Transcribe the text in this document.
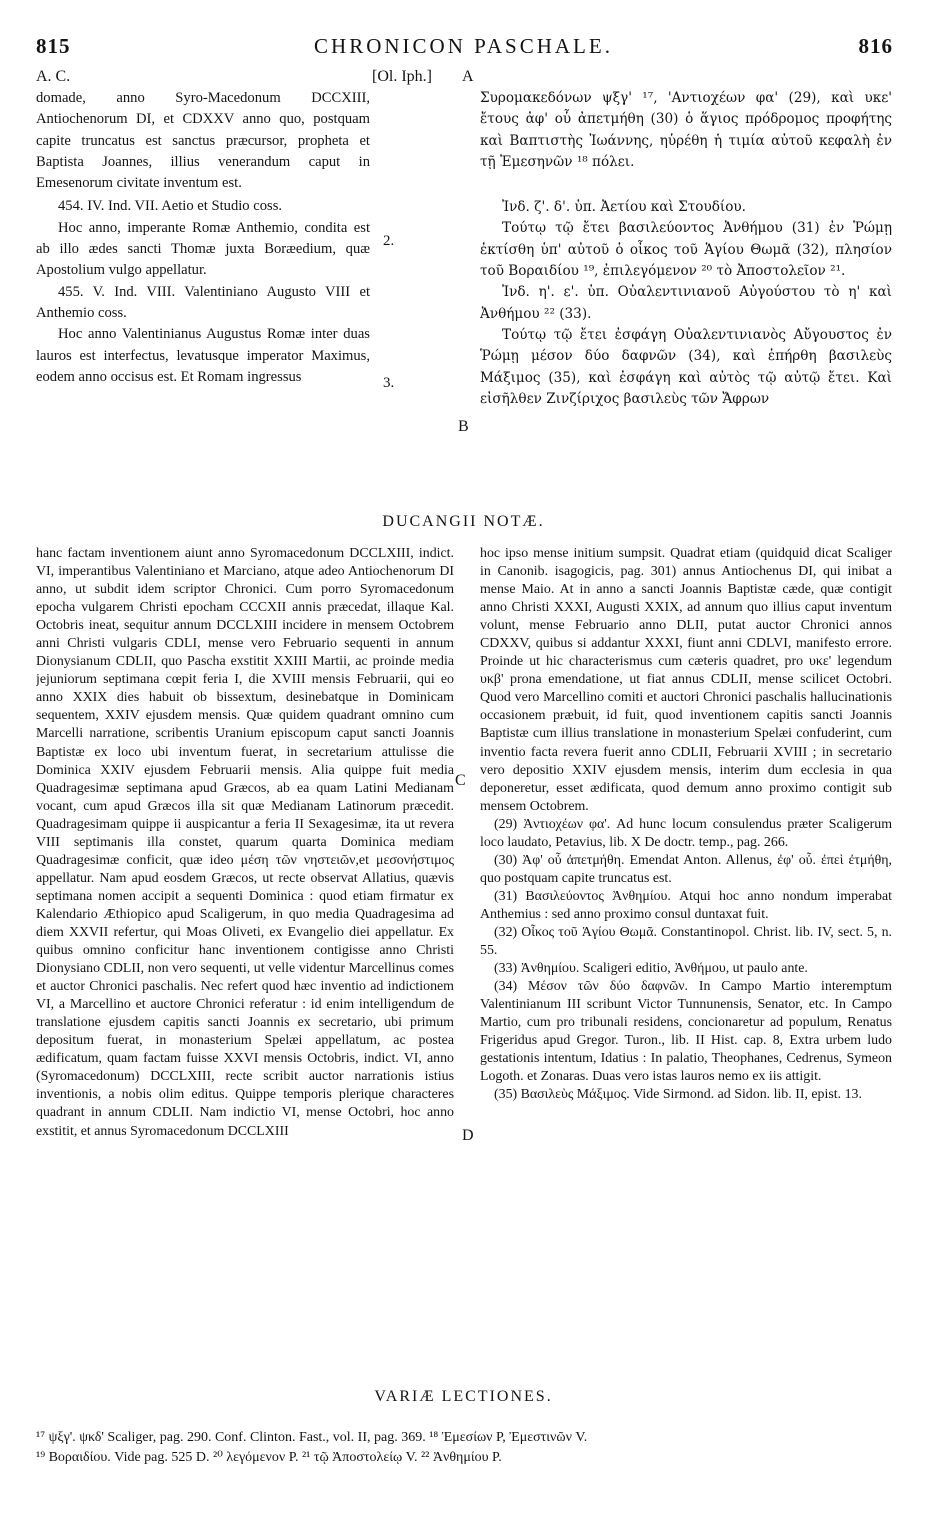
815	CHRONICON PASCHALE.	816
A. C.	[Ol. Iph.] A

domade, anno Syro-Macedonum DCCXIII, Antiochenorum DI, et CDXXV anno quo, postquam capite truncatus est sanctus præcursor, propheta et Baptista Joannes, illius venerandum caput in Emesenorum civitate inventum est.

454. IV. Ind. VII. Aetio et Studio coss.

Hoc anno, imperante Romæ Anthemio, condita est ab illo ædes sancti Thomæ juxta Boræedium, quæ Apostolium vulgo appellatur.

455. V. Ind. VIII. Valentiniano Augusto VIII et Anthemio coss.

Hoc anno Valentinianus Augustus Romæ inter duas lauros est interfectus, levatusque imperator Maximus, eodem anno occisus est. Et Romam ingressus

2.
3.
B

Συρομακεδόνων ψξγ' ¹⁷, 'Αντιοχέων φα' (29), καὶ υκε' ἔτους ἀφ' οὗ ἀπετμήθη (30) ὁ ἅγιος πρόδρομος προφήτης καὶ Βαπτιστὴς Ἰωάννης, ηὑρέθη ἡ τιμία αὐτοῦ κεφαλὴ ἐν τῇ Ἐμεσηνῶν ¹⁸ πόλει.

Ἰνδ. ζ'. δ'. ὑπ. Ἀετίου καὶ Στουδίου.

Τούτῳ τῷ ἔτει βασιλεύοντος Ἀνθήμου (31) ἐν Ῥώμῃ ἐκτίσθη ὑπ' αὐτοῦ ὁ οἶκος τοῦ Ἁγίου Θωμᾶ (32), πλησίον τοῦ Βοραιδίου ¹⁹, ἐπιλεγόμενον ²⁰ τὸ Ἀποστολεῖον ²¹.

Ἰνδ. η'. ε'. ὑπ. Οὐαλεντινιανοῦ Αὐγούστου τὸ η' καὶ Ἀνθήμου ²² (33).

Τούτῳ τῷ ἔτει ἐσφάγη Οὐαλεντινιανὸς Αὔγουστος ἐν Ῥώμῃ μέσον δύο δαφνῶν (34), καὶ ἐπήρθη βασιλεὺς Μάξιμος (35), καὶ ἐσφάγη καὶ αὐτὸς τῷ αὐτῷ ἔτει. Καὶ εἰσῆλθεν Ζινζίριχος βασιλεὺς τῶν Ἄφρων

DUCANGII NOTÆ.

hanc factam inventionem aiunt anno Syromacedonum DCCLXIII, indict. VI, imperantibus Valentiniano et Marciano, atque adeo Antiochenorum DI anno, ut subdit idem scriptor Chronici. Cum porro Syromacedonum epocha vulgarem Christi epocham CCCXII annis præcedat, illaque Kal. Octobris ineat, sequitur annum DCCLXIII incidere in mensem Octobrem anni Christi vulgaris CDLI, mense vero Februario sequenti in annum Dionysianum CDLII, quo Pascha exstitit XXIII Martii, ac proinde media jejuniorum septimana cœpit feria I, die XVIII mensis Februarii, qui eo anno XXIX dies habuit ob bissextum, desinebatque in Dominicam sequentem, XXIV ejusdem mensis. Quæ quidem quadrant omnino cum Marcelli narratione, scribentis Uranium episcopum caput sancti Joannis Baptistæ ex loco ubi inventum fuerat, in secretarium attulisse die Dominica XXIV ejusdem Februarii mensis. Alia quippe fuit media Quadragesimæ septimana apud Græcos, ab ea quam Latini Medianam vocant, cum apud Græcos illa sit quæ Medianam Latinorum præcedit. Quadragesimam quippe ii auspicantur a feria II Sexagesimæ, ita ut revera VIII septimanis illa constet, quarum quarta Dominica mediam Quadragesimæ conficit, quæ ideo μέση τῶν νηστειῶν,et μεσονήστιμος appellatur. Nam apud eosdem Græcos, ut recte observat Allatius, quævis septimana nomen accipit a sequenti Dominica : quod etiam firmatur ex Kalendario Æthiopico apud Scaligerum, in quo media Quadragesima ad diem XXVII refertur, qui Moas Oliveti, ex Evangelio diei appellatur. Ex quibus omnino conficitur hanc inventionem contigisse anno Christi Dionysiano CDLII, non vero sequenti, ut velle videntur Marcellinus comes et auctor Chronici paschalis. Nec refert quod hæc inventio ad indictionem VI, a Marcellino et auctore Chronici referatur : id enim intelligendum de translatione ejusdem capitis sancti Joannis ex secretario, ubi primum depositum fuerat, in monasterium Spelæi appellatum, ac postea ædificatum, quam factam fuisse XXVI mensis Octobris, indict. VI, anno (Syromacedonum) DCCLXIII, recte scribit auctor narrationis istius inventionis, a nobis olim editus. Quippe temporis plerique characteres quadrant in annum CDLII. Nam indictio VI, mense Octobri, hoc anno exstitit, et annus Syromacedonum DCCLXIII

C
D

hoc ipso mense initium sumpsit. Quadrat etiam (quidquid dicat Scaliger in Canonib. isagogicis, pag. 301) annus Antiochenus DI, qui inibat a mense Maio. At in anno a sancti Joannis Baptistæ cæde, quæ contigit anno Christi XXXI, Augusti XXIX, ad annum quo illius caput inventum volunt, mense Februario anno DLII, putat auctor Chronici annos CDXXV, quibus si addantur XXXI, fiunt anni CDLVI, manifesto errore. Proinde ut hic characterismus cum cæteris quadret, pro υκε' legendum υκβ' prona emendatione, ut fiat annus CDLII, mense scilicet Octobri. Quod vero Marcellino comiti et auctori Chronici paschalis hallucinationis occasionem præbuit, id fuit, quod inventionem capitis sancti Joannis Baptistæ cum illius translatione in monasterium Spelæi confuderint, cum inventio facta revera fuerit anno CDLII, Februarii XVIII ; in secretario vero depositio XXIV ejusdem mensis, interim dum ecclesia in qua deponeretur, esset ædificata, quod demum anno proximo contigit sub mensem Octobrem.

(29) Ἀντιοχέων φα'. Ad hunc locum consulendus præter Scaligerum loco laudato, Petavius, lib. X De doctr. temp., pag. 266.

(30) Ἀφ' οὗ ἀπετμήθη. Emendat Anton. Allenus, ἐφ' οὗ. ἐπεὶ ἐτμήθη, quo postquam capite truncatus est.

(31) Βασιλεύοντος Ἀνθημίου. Atqui hoc anno nondum imperabat Anthemius : sed anno proximo consul duntaxat fuit.

(32) Οἶκος τοῦ Ἁγίου Θωμᾶ. Constantinopol. Christ. lib. IV, sect. 5, n. 55.

(33) Ἀνθημίου. Scaligeri editio, Ἀνθήμου, ut paulo ante.

(34) Μέσον τῶν δύο δαφνῶν. In Campo Martio interemptum Valentinianum III scribunt Victor Tunnunensis, Senator, etc. In Campo Martio, cum pro tribunali residens, concionaretur ad populum, Renatus Frigeridus apud Gregor. Turon., lib. II Hist. cap. 8, Extra urbem ludo gestationis intentum, Idatius : In palatio, Theophanes, Cedrenus, Symeon Logoth. et Zonaras. Duas vero istas lauros nemo ex iis attigit.

(35) Βασιλεὺς Μάξιμος. Vide Sirmond. ad Sidon. lib. II, epist. 13.

VARIÆ LECTIONES.

¹⁷ ψξγ'. ψκδ' Scaliger, pag. 290. Conf. Clinton. Fast., vol. II, pag. 369. ¹⁸ Ἐμεσίων P, Ἐμεστινῶν V.

¹⁹ Βοραιδίου. Vide pag. 525 D. ²⁰ λεγόμενον P. ²¹ τῷ Ἀποστολείῳ V. ²² Ἀνθημίου P.
